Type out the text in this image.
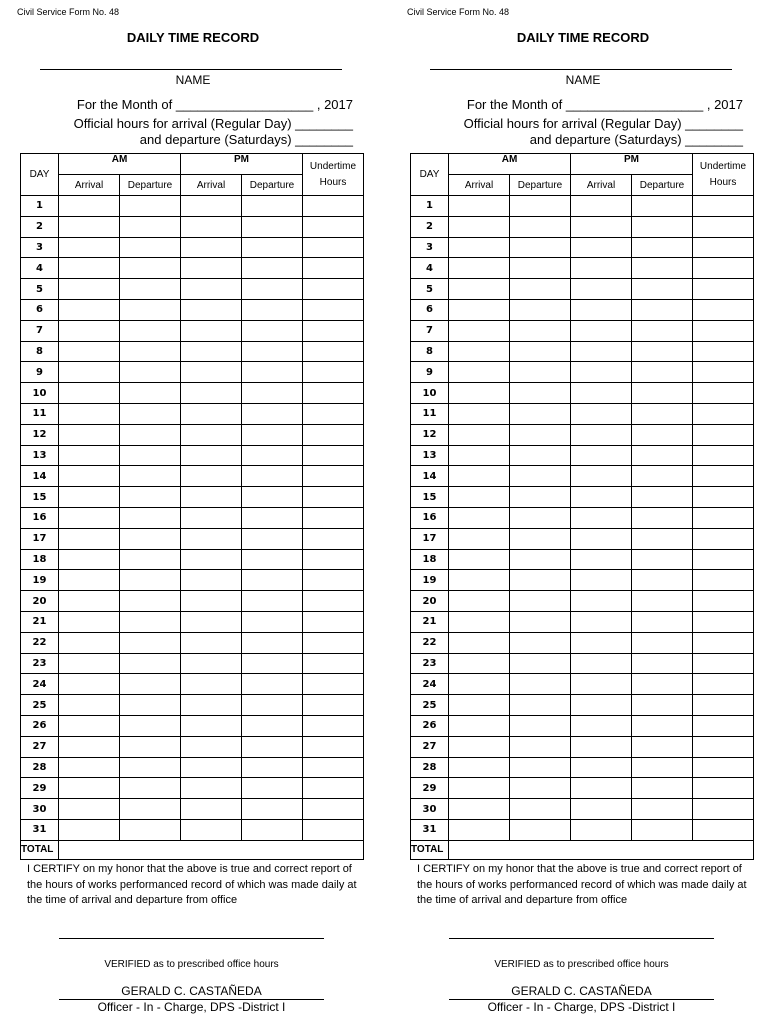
Civil Service Form No. 48
DAILY TIME RECORD
NAME
For the Month of ___________________ , 2017
Official hours for arrival (Regular Day) ________
and departure (Saturdays) ________
DAY	AM		PM		Undertime
Hours
	Arrival	Departure	Arrival	Departure	
1					
2					
3					
4					
5					
6					
7					
8					
9					
10					
11					
12					
13					
14					
15					
16					
17					
18					
19					
20					
21					
22					
23					
24					
25					
26					
27					
28					
29					
30					
31					
TOTAL					
I CERTIFY on my honor that the above is true and correct report of the hours of works performanced record of which was made daily at the time of arrival and departure from office
VERIFIED as to prescribed office hours
GERALD C. CASTAÑEDA
Officer - In - Charge, DPS -District I
Civil Service Form No. 48
DAILY TIME RECORD
NAME
For the Month of ___________________ , 2017
Official hours for arrival (Regular Day) ________
and departure (Saturdays) ________
DAY	AM		PM		Undertime
Hours
	Arrival	Departure	Arrival	Departure	
1					
2					
3					
4					
5					
6					
7					
8					
9					
10					
11					
12					
13					
14					
15					
16					
17					
18					
19					
20					
21					
22					
23					
24					
25					
26					
27					
28					
29					
30					
31					
TOTAL					
I CERTIFY on my honor that the above is true and correct report of the hours of works performanced record of which was made daily at the time of arrival and departure from office
VERIFIED as to prescribed office hours
GERALD C. CASTAÑEDA
Officer - In - Charge, DPS -District I
